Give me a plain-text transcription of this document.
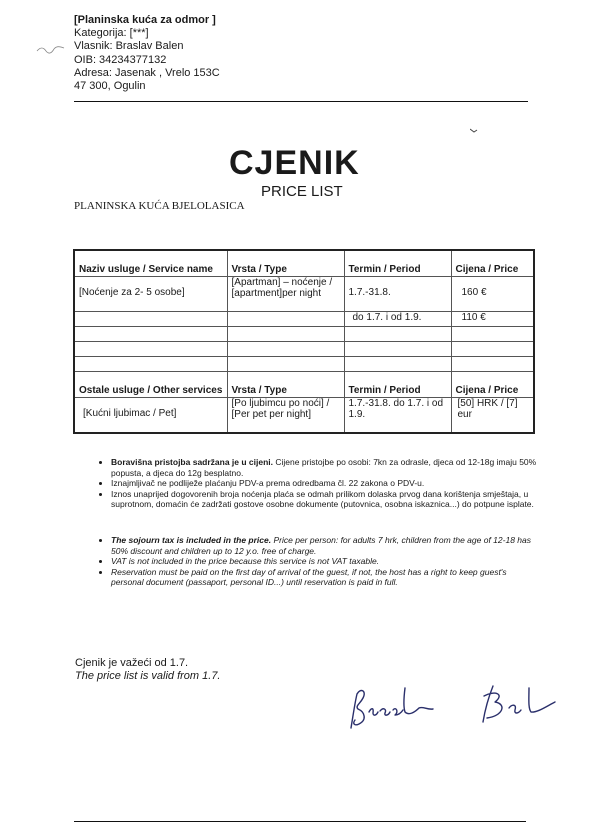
[Planinska kuća za odmor ]
Kategorija: [***]
Vlasnik: Braslav Balen
OIB: 34234377132
Adresa: Jasenak , Vrelo 153C
47 300, Ogulin
CJENIK
PRICE LIST
PLANINSKA KUĆA BJELOLASICA
Naziv usluge / Service name	Vrsta / Type	Termin / Period	Cijena / Price
[Noćenje za 2- 5 osobe]	[Apartman] – noćenje / [apartment]per night	1.7.-31.8.	160 €
		do 1.7. i od 1.9.	110 €

Ostale usluge / Other services	Vrsta / Type	Termin / Period	Cijena / Price
[Kućni ljubimac / Pet]	[Po ljubimcu po noći] / [Per pet per night]	1.7.-31.8. do 1.7. i od 1.9.	[50] HRK / [7] eur
• Boravišna pristojba sadržana je u cijeni. Cijene pristojbe po osobi: 7kn za odrasle, djeca od 12-18g imaju 50% popusta, a djeca do 12g besplatno.
• Iznajmljivač ne podliježe plaćanju PDV-a prema odredbama čl. 22 zakona o PDV-u.
• Iznos unaprijed dogovorenih broja noćenja plaća se odmah prilikom dolaska prvog dana korištenja smještaja, u suprotnom, domaćin će zadržati gostove osobne dokumente (putovnica, osobna iskaznica...) do potpune isplate.
• The sojourn tax is included in the price. Price per person: for adults 7 hrk, children from the age of 12-18 has 50% discount and children up to 12 y.o. free of charge.
• VAT is not included in the price because this service is not VAT taxable.
• Reservation must be paid on the first day of arrival of the guest, if not, the host has a right to keep guest's personal document (passaport, personal ID...) until reservation is paid in full.
Cjenik je važeći od 1.7.
The price list is valid from 1.7.
